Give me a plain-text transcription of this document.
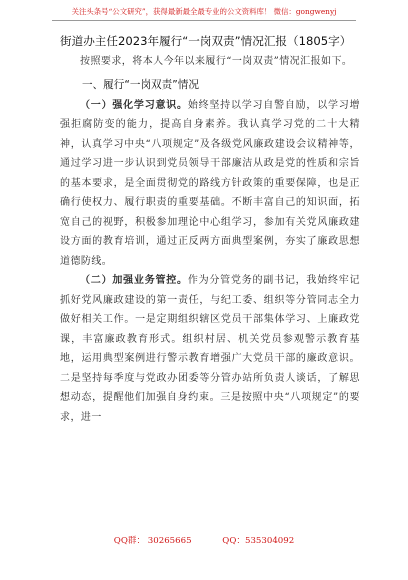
关注头条号“公文研究”，获得最新最全最专业的公文资料库！ 微信：gongwenyj

街道办主任2023年履行“一岗双责”情况汇报（1805字）

按照要求，将本人今年以来履行“一岗双责”情况汇报如下。

一、履行“一岗双责”情况

（一）强化学习意识。始终坚持以学习自警自励，以学习增强拒腐防变的能力，提高自身素养。我认真学习党的二十大精神，认真学习中央“八项规定”及各级党风廉政建设会议精神等，通过学习进一步认识到党员领导干部廉洁从政是党的性质和宗旨的基本要求，是全面贯彻党的路线方针政策的重要保障，也是正确行使权力、履行职责的重要基础。不断丰富自己的知识面，拓宽自己的视野，积极参加理论中心组学习，参加有关党风廉政建设方面的教育培训，通过正反两方面典型案例，夯实了廉政思想道德防线。

（二）加强业务管控。作为分管党务的副书记，我始终牢记抓好党风廉政建设的第一责任，与纪工委、组织等分管同志全力做好相关工作。一是定期组织辖区党员干部集体学习、上廉政党课，丰富廉政教育形式。组织村居、机关党员参观警示教育基地，运用典型案例进行警示教育增强广大党员干部的廉政意识。二是坚持每季度与党政办团委等分管办站所负责人谈话，了解思想动态，提醒他们加强自身约束。三是按照中央“八项规定”的要求，进一

QQ群： 30265665	QQ：535304092
